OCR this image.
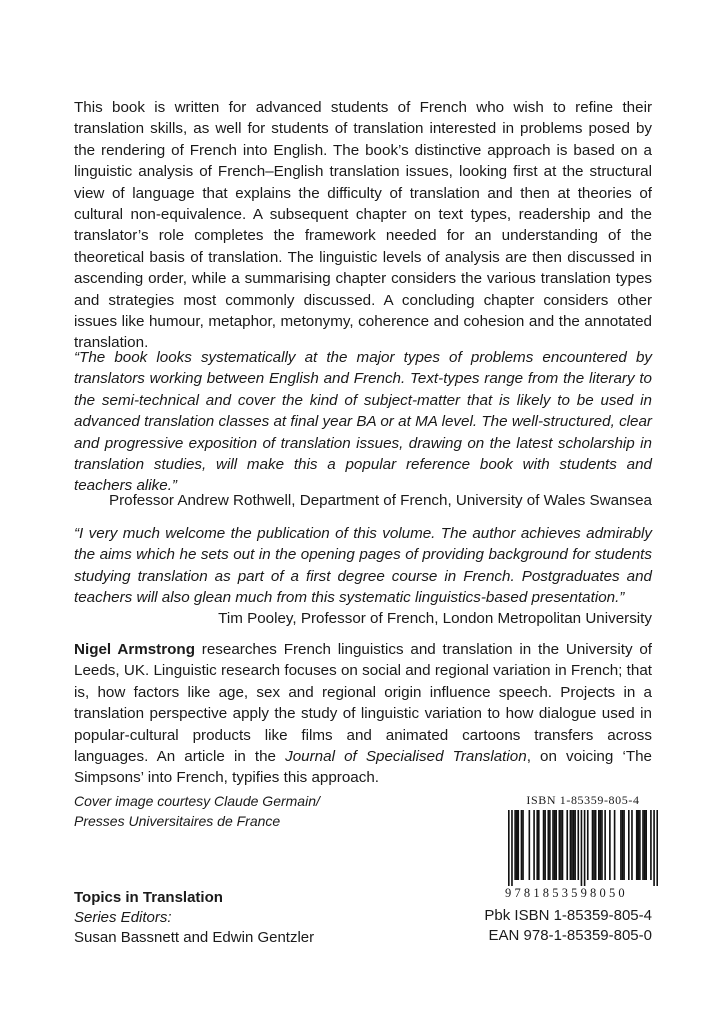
This book is written for advanced students of French who wish to refine their translation skills, as well for students of translation interested in problems posed by the rendering of French into English. The book’s distinctive approach is based on a linguistic analysis of French–English translation issues, looking first at the structural view of language that explains the difficulty of translation and then at theories of cultural non-equivalence. A subsequent chapter on text types, readership and the translator’s role completes the framework needed for an understanding of the theoretical basis of translation. The linguistic levels of analysis are then discussed in ascending order, while a summarising chapter considers the various translation types and strategies most commonly discussed. A concluding chapter considers other issues like humour, metaphor, metonymy, coherence and cohesion and the annotated translation.

“The book looks systematically at the major types of problems encountered by translators working between English and French. Text-types range from the literary to the semi-technical and cover the kind of subject-matter that is likely to be used in advanced translation classes at final year BA or at MA level. The well-structured, clear and progressive exposition of translation issues, drawing on the latest scholarship in translation studies, will make this a popular reference book with students and teachers alike.”

Professor Andrew Rothwell, Department of French, University of Wales Swansea

“I very much welcome the publication of this volume. The author achieves admirably the aims which he sets out in the opening pages of providing background for students studying translation as part of a first degree course in French. Postgraduates and teachers will also glean much from this systematic linguistics-based presentation.”

Tim Pooley, Professor of French, London Metropolitan University

Nigel Armstrong researches French linguistics and translation in the University of Leeds, UK. Linguistic research focuses on social and regional variation in French; that is, how factors like age, sex and regional origin influence speech. Projects in a translation perspective apply the study of linguistic variation to how dialogue used in popular-cultural products like films and animated cartoons transfers across languages. An article in the Journal of Specialised Translation, on voicing ‘The Simpsons’ into French, typifies this approach.

Cover image courtesy Claude Germain/
Presses Universitaires de France
Topics in Translation
Series Editors:
Susan Bassnett and Edwin Gentzler
ISBN 1-85359-805-4
9781853598050
Pbk ISBN 1-85359-805-4
EAN 978-1-85359-805-0
